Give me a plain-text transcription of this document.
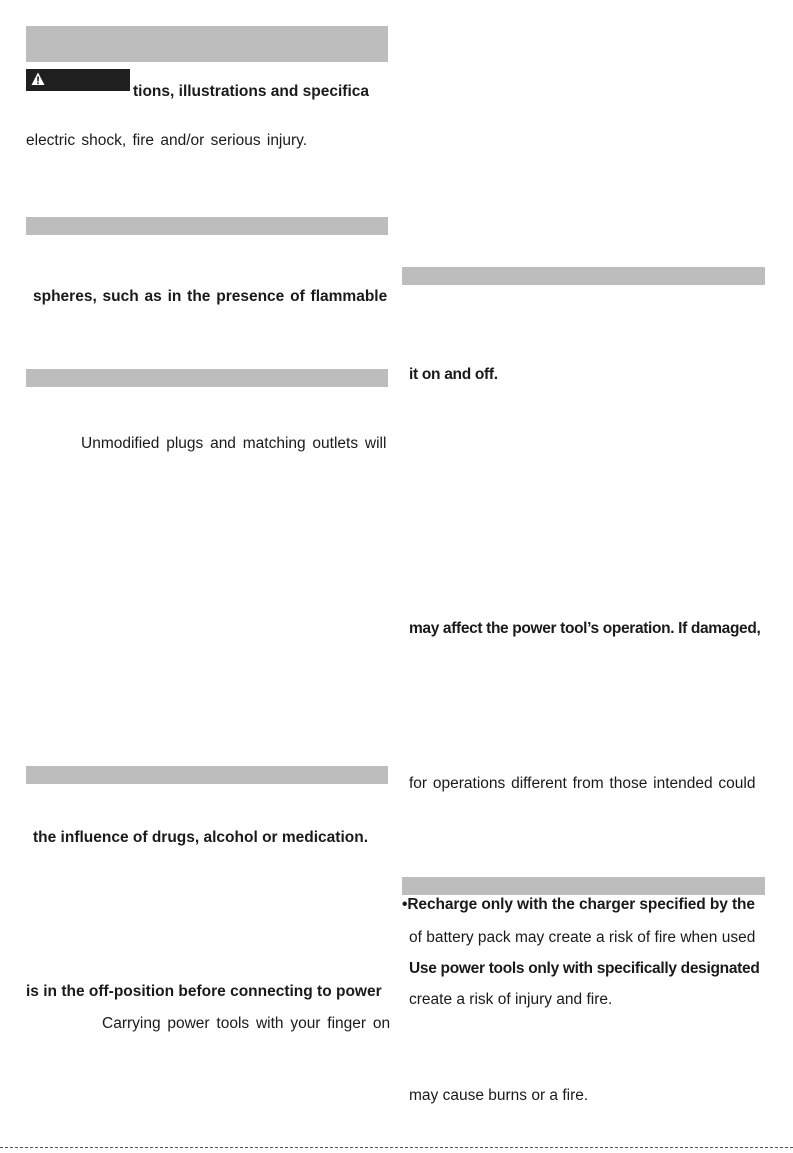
tions, illustrations and specifica
electric shock, fire and/or serious injury.
spheres, such as in the presence of flammable
Unmodified plugs and matching outlets will
the influence of drugs, alcohol or medication.
is in the off-position before connecting to power
Carrying power tools with your finger on
it on and off.
may affect the power tool’s operation. If damaged,
for operations different from those intended could
•Recharge only with the charger specified by the
of battery pack may create a risk of fire when used
Use power tools only with specifically designated
create a risk of injury and fire.
may cause burns or a fire.
